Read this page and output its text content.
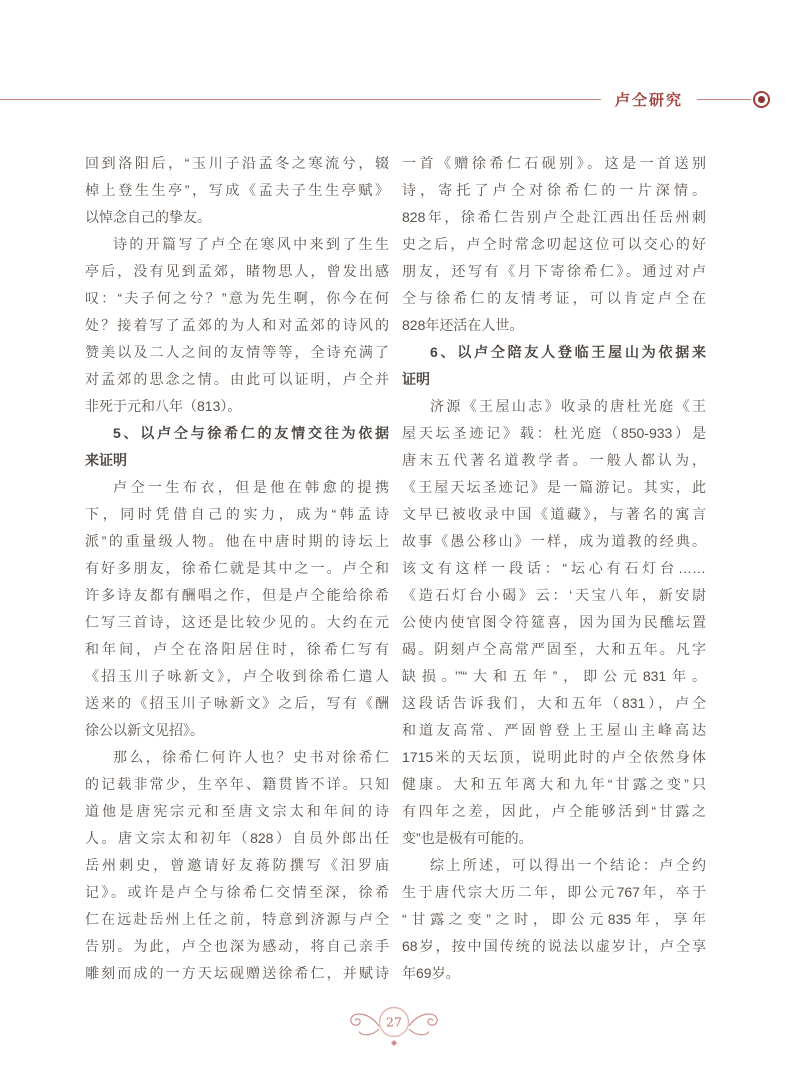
卢仝研究
回到洛阳后，“玉川子沿孟冬之寒流兮，辍
棹上登生生亭”，写成《孟夫子生生亭赋》
以悼念自己的挚友。
诗的开篇写了卢仝在寒风中来到了生生
亭后，没有见到孟郊，睹物思人，曾发出感
叹：“夫子何之兮？”意为先生啊，你今在何
处？接着写了孟郊的为人和对孟郊的诗风的
赞美以及二人之间的友情等等，全诗充满了
对孟郊的思念之情。由此可以证明，卢仝并
非死于元和八年（813）。
5、以卢仝与徐希仁的友情交往为依据
来证明
卢仝一生布衣，但是他在韩愈的提携
下，同时凭借自己的实力，成为“韩孟诗
派”的重量级人物。他在中唐时期的诗坛上
有好多朋友，徐希仁就是其中之一。卢仝和
许多诗友都有酬唱之作，但是卢仝能给徐希
仁写三首诗，这还是比较少见的。大约在元
和年间，卢仝在洛阳居住时，徐希仁写有
《招玉川子咏新文》，卢仝收到徐希仁遣人
送来的《招玉川子咏新文》之后，写有《酬
徐公以新文见招》。
那么，徐希仁何许人也？史书对徐希仁
的记载非常少，生卒年、籍贯皆不详。只知
道他是唐宪宗元和至唐文宗太和年间的诗
人。唐文宗太和初年（828）自员外郎出任
岳州刺史，曾邀请好友蒋防撰写《汨罗庙
记》。或许是卢仝与徐希仁交情至深，徐希
仁在远赴岳州上任之前，特意到济源与卢仝
告别。为此，卢仝也深为感动，将自己亲手
雕刻而成的一方天坛砚赠送徐希仁，并赋诗
一首《赠徐希仁石砚别》。这是一首送别
诗，寄托了卢仝对徐希仁的一片深情。
828年，徐希仁告别卢仝赴江西出任岳州刺
史之后，卢仝时常念叨起这位可以交心的好
朋友，还写有《月下寄徐希仁》。通过对卢
仝与徐希仁的友情考证，可以肯定卢仝在
828年还活在人世。
6、以卢仝陪友人登临王屋山为依据来
证明
济源《王屋山志》收录的唐杜光庭《王
屋天坛圣迹记》载：杜光庭（850-933）是
唐末五代著名道教学者。一般人都认为，
《王屋天坛圣迹记》是一篇游记。其实，此
文早已被收录中国《道藏》，与著名的寓言
故事《愚公移山》一样，成为道教的经典。
该文有这样一段话：“坛心有石灯台……
《造石灯台小碣》云：‘天宝八年，新安尉
公使内使官图令符筵喜，因为国为民醮坛置
碣。阴刻卢仝高常严固至，大和五年。凡字
缺损。’”“大和五年”，即公元831年。
这段话告诉我们，大和五年（831），卢仝
和道友高常、严固曾登上王屋山主峰高达
1715米的天坛顶，说明此时的卢仝依然身体
健康。大和五年离大和九年“甘露之变”只
有四年之差，因此，卢仝能够活到“甘露之
变”也是极有可能的。
综上所述，可以得出一个结论：卢仝约
生于唐代宗大历二年，即公元767年，卒于
“甘露之变”之时，即公元835年，享年
68岁，按中国传统的说法以虚岁计，卢仝享
年69岁。
27
